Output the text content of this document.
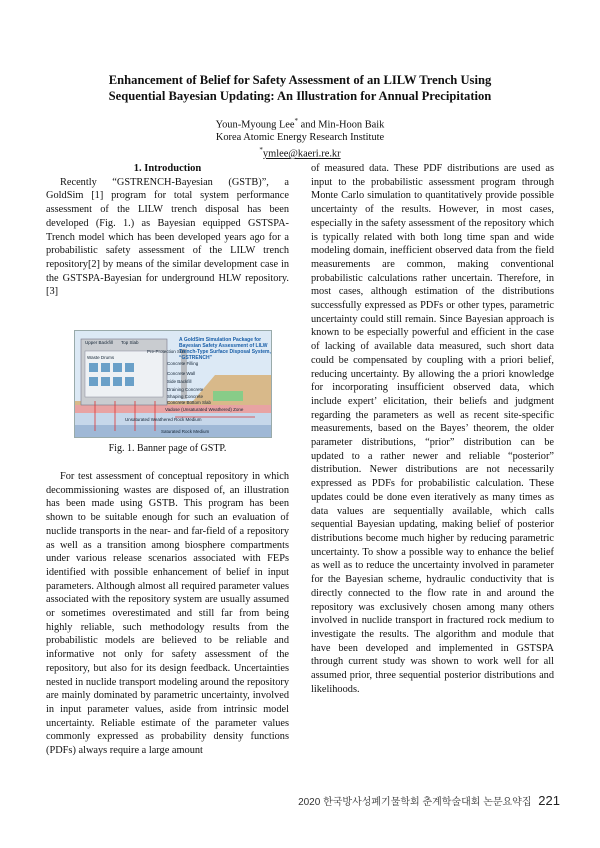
Enhancement of Belief for Safety Assessment of an LILW Trench Using
Sequential Bayesian Updating: An Illustration for Annual Precipitation
Youn-Myoung Lee* and Min-Hoon Baik
Korea Atomic Energy Research Institute
*ymlee@kaeri.re.kr

1. Introduction

Recently “GSTRENCH-Bayesian (GSTB)”, a GoldSim [1] program for total system performance assessment of the LILW trench disposal has been developed (Fig. 1.) as Bayesian equipped GSTSPA-Trench model which has been developed years ago for a probabilistic safety assessment of the LILW trench repository[2] by means of the similar development case in the GSTSPA-Bayesian for underground HLW repository.[3]

A GoldSim Simulation Package for
Bayesian Safety Assessment of LILW
Trench-Type Surface Disposal System,
“GSTRENCH”
Upper Backfill Top Slab
Pre-Protection Soil
Concrete Filling
Waste Drums
Concrete Wall
Side Backfill
Draining Concrete
Shaping Concrete
Concrete Bottom Slab
Vadose (Unsaturated Weathered) Zone
Unsaturated Weathered Rock Medium
Saturated Rock Medium
Fig. 1. Banner page of GSTP.

For test assessment of conceptual repository in which decommissioning wastes are disposed of, an illustration has been made using GSTB. This program has been shown to be suitable enough for such an evaluation of nuclide transports in the near- and far-field of a repository as well as a transition among biosphere compartments under various release scenarios associated with FEPs identified with possible enhancement of belief in input parameters. Although almost all required parameter values associated with the repository system are usually assumed or sometimes overestimated and still far from being highly reliable, such methodology results from the probabilistic models are believed to be reliable and informative not only for safety assessment of the repository, but also for its design feedback. Uncertainties nested in nuclide transport modeling around the repository are mainly dominated by parametric uncertainty, involved in input parameter values, aside from intrinsic model uncertainty. Reliable estimate of the parameter values commonly expressed as probability density functions (PDFs) always require a large amount

of measured data. These PDF distributions are used as input to the probabilistic assessment program through Monte Carlo simulation to quantitatively provide possible uncertainty of the results. However, in most cases, especially in the safety assessment of the repository which is typically related with both long time span and wide modeling domain, inefficient observed data from the field measurements are common, making conventional probabilistic calculations rather uncertain. Therefore, in most cases, although estimation of the distributions successfully expressed as PDFs or other types, parametric uncertainty could still remain. Since Bayesian approach is known to be especially powerful and efficient in the case of lacking of available data measured, such short data could be compensated by coupling with a priori belief, reducing uncertainty. By allowing the a priori knowledge for incorporating insufficient observed data, which include expert’ elicitation, their beliefs and judgment regarding the parameters as well as recent site-specific measurements, based on the Bayes’ theorem, the older parameter distributions, “prior” distribution can be updated to a rather newer and reliable “posterior” distribution. Newer distributions are not necessarily expressed as PDFs for probabilistic calculation. These updates could be done even iteratively as many times as data values are sequentially available, which calls sequential Bayesian updating, making belief of posterior distributions become much higher by reducing parametric uncertainty. To show a possible way to enhance the belief as well as to reduce the uncertainty involved in parameter for the Bayesian scheme, hydraulic conductivity that is directly connected to the flow rate in and around the repository was exclusively chosen among many others involved in nuclide transport in fractured rock medium to investigate the results. The algorithm and module that have been developed and implemented in GSTSPA through current study was shown to work well for all assumed prior, three sequential posterior distributions and likelihoods.

2020 한국방사성폐기물학회 춘계학술대회 논문요약집 221
